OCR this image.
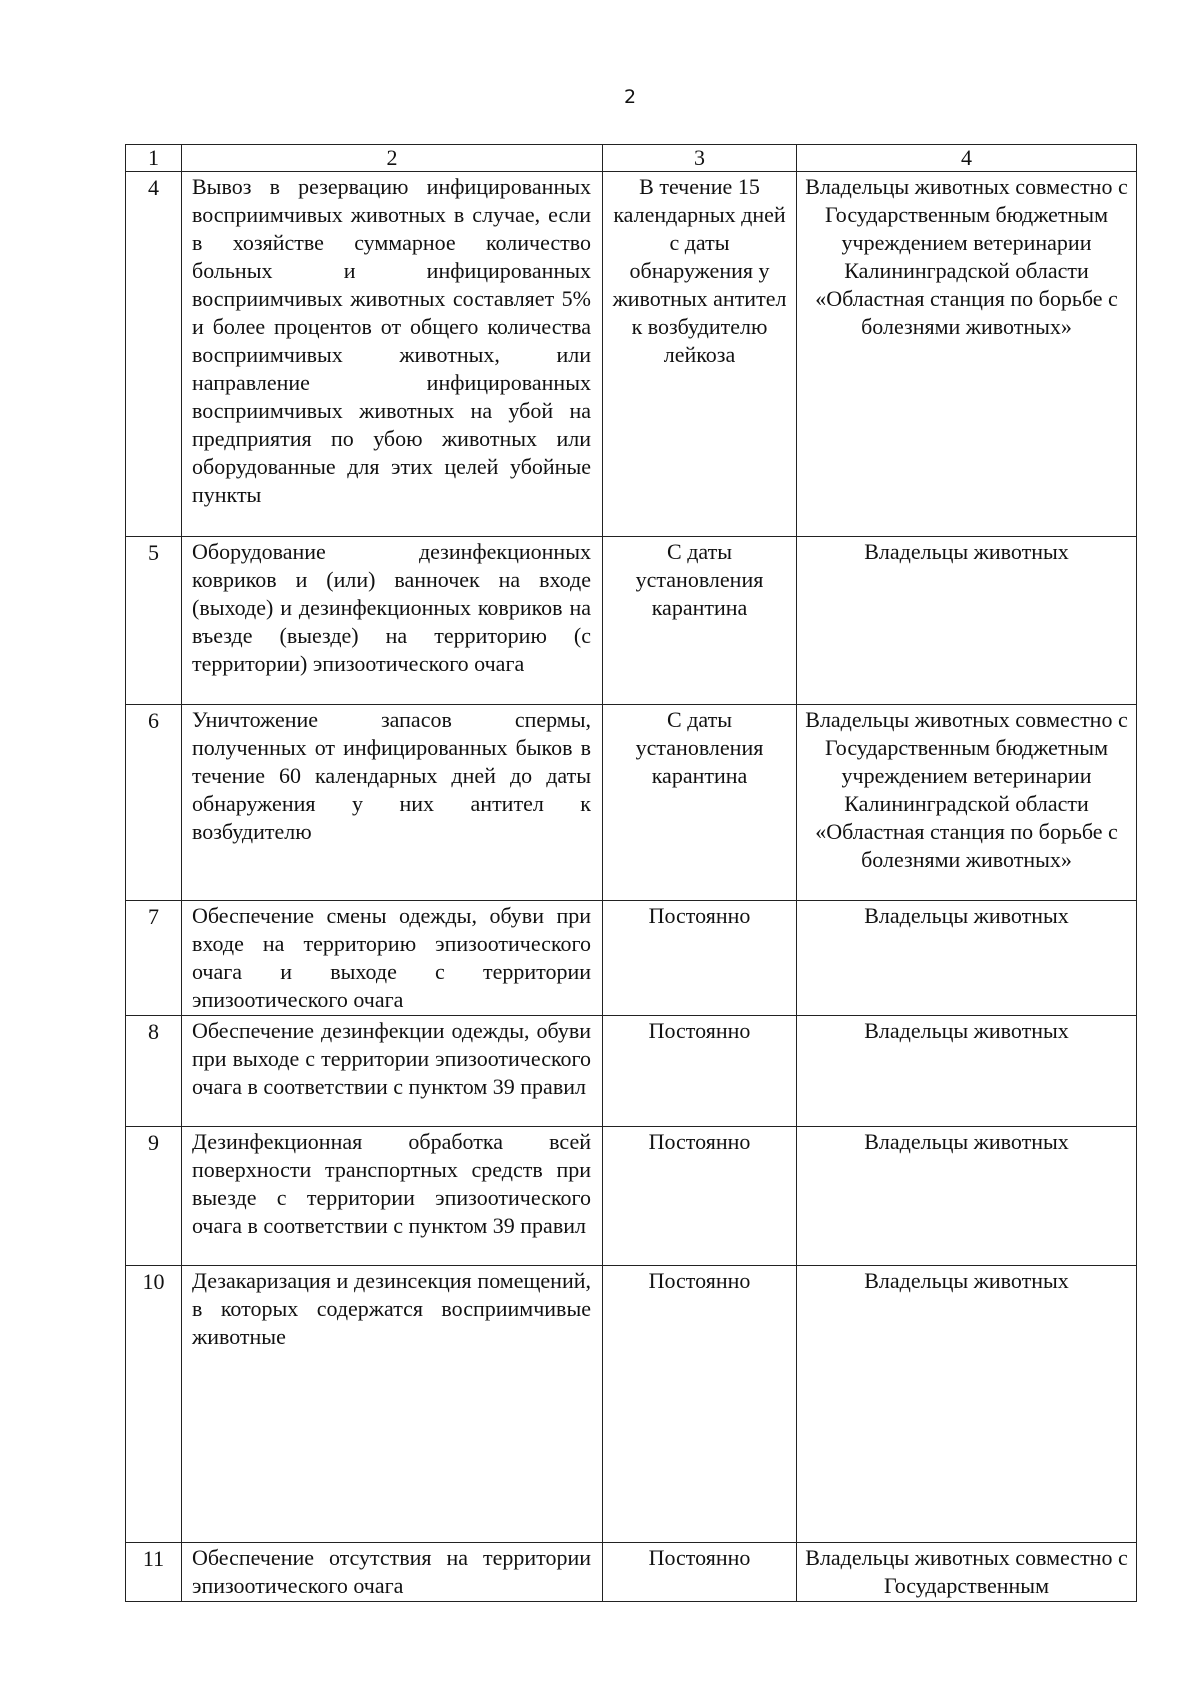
2
1	2	3	4

4	Вывоз в резервацию инфицированных восприимчивых животных в случае, если в хозяйстве суммарное количество больных и инфицированных восприимчивых животных составляет 5% и более процентов от общего количества восприимчивых животных, или направление инфицированных восприимчивых животных на убой на предприятия по убою животных или оборудованные для этих целей убойные пункты	В течение 15 календарных дней с даты обнаружения у животных антител к возбудителю лейкоза	Владельцы животных совместно с Государственным бюджетным учреждением ветеринарии Калининградской области «Областная станция по борьбе с болезнями животных»

5	Оборудование дезинфекционных ковриков и (или) ванночек на входе (выходе) и дезинфекционных ковриков на въезде (выезде) на территорию (с территории) эпизоотического очага	С даты установления карантина	Владельцы животных

6	Уничтожение запасов спермы, полученных от инфицированных быков в течение 60 календарных дней до даты обнаружения у них антител к возбудителю	С даты установления карантина	Владельцы животных совместно с Государственным бюджетным учреждением ветеринарии Калининградской области «Областная станция по борьбе с болезнями животных»

7	Обеспечение смены одежды, обуви при входе на территорию эпизоотического очага и выходе с территории эпизоотического очага	Постоянно	Владельцы животных

8	Обеспечение дезинфекции одежды, обуви при выходе с территории эпизоотического очага в соответствии с пунктом 39 правил	Постоянно	Владельцы животных

9	Дезинфекционная обработка всей поверхности транспортных средств при выезде с территории эпизоотического очага в соответствии с пунктом 39 правил	Постоянно	Владельцы животных

10	Дезакаризация и дезинсекция помещений, в которых содержатся восприимчивые животные	Постоянно	Владельцы животных

11	Обеспечение отсутствия на территории эпизоотического очага	Постоянно	Владельцы животных совместно с Государственным
